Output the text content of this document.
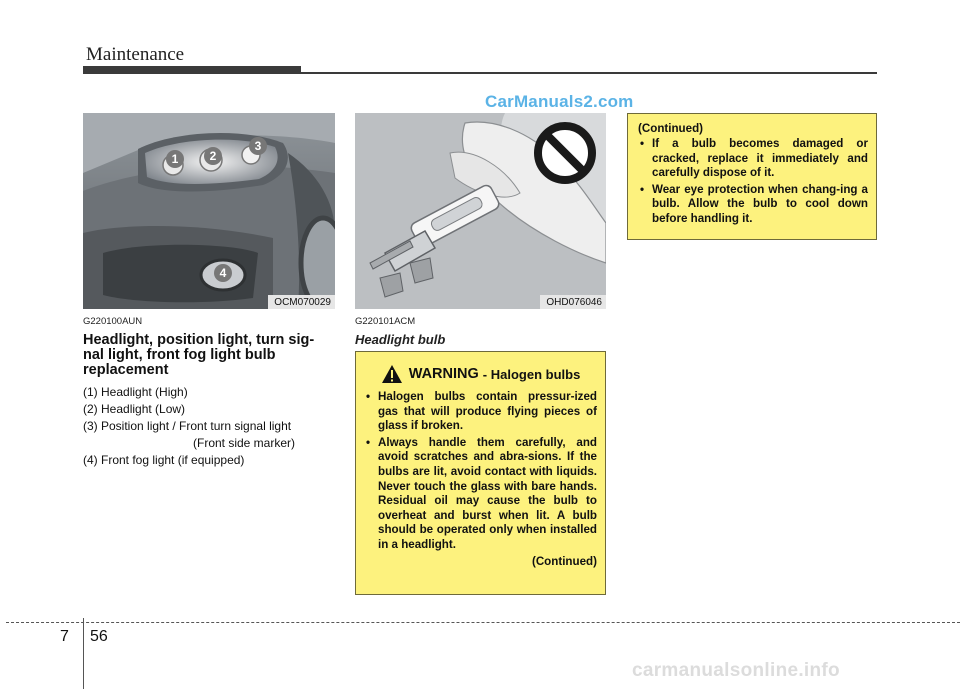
Maintenance
CarManuals2.com
1	2
3
4
OCM070029
G220100AUN
Headlight, position light, turn sig-nal light, front fog light bulb replacement
(1) Headlight (High)
(2) Headlight (Low)
(3) Position light / Front turn signal light
(Front side marker)
(4) Front fog light (if equipped)
OHD076046
G220101ACM
Headlight bulb
WARNING - Halogen bulbs
• Halogen bulbs contain pressur-ized gas that will produce flying pieces of glass if broken.
• Always handle them carefully, and avoid scratches and abra-sions. If the bulbs are lit, avoid contact with liquids. Never touch the glass with bare hands. Residual oil may cause the bulb to overheat and burst when lit. A bulb should be operated only when installed in a headlight.
(Continued)
(Continued)
• If a bulb becomes damaged or cracked, replace it immediately and carefully dispose of it.
• Wear eye protection when chang-ing a bulb. Allow the bulb to cool down before handling it.
7 56
carmanualsonline.info
